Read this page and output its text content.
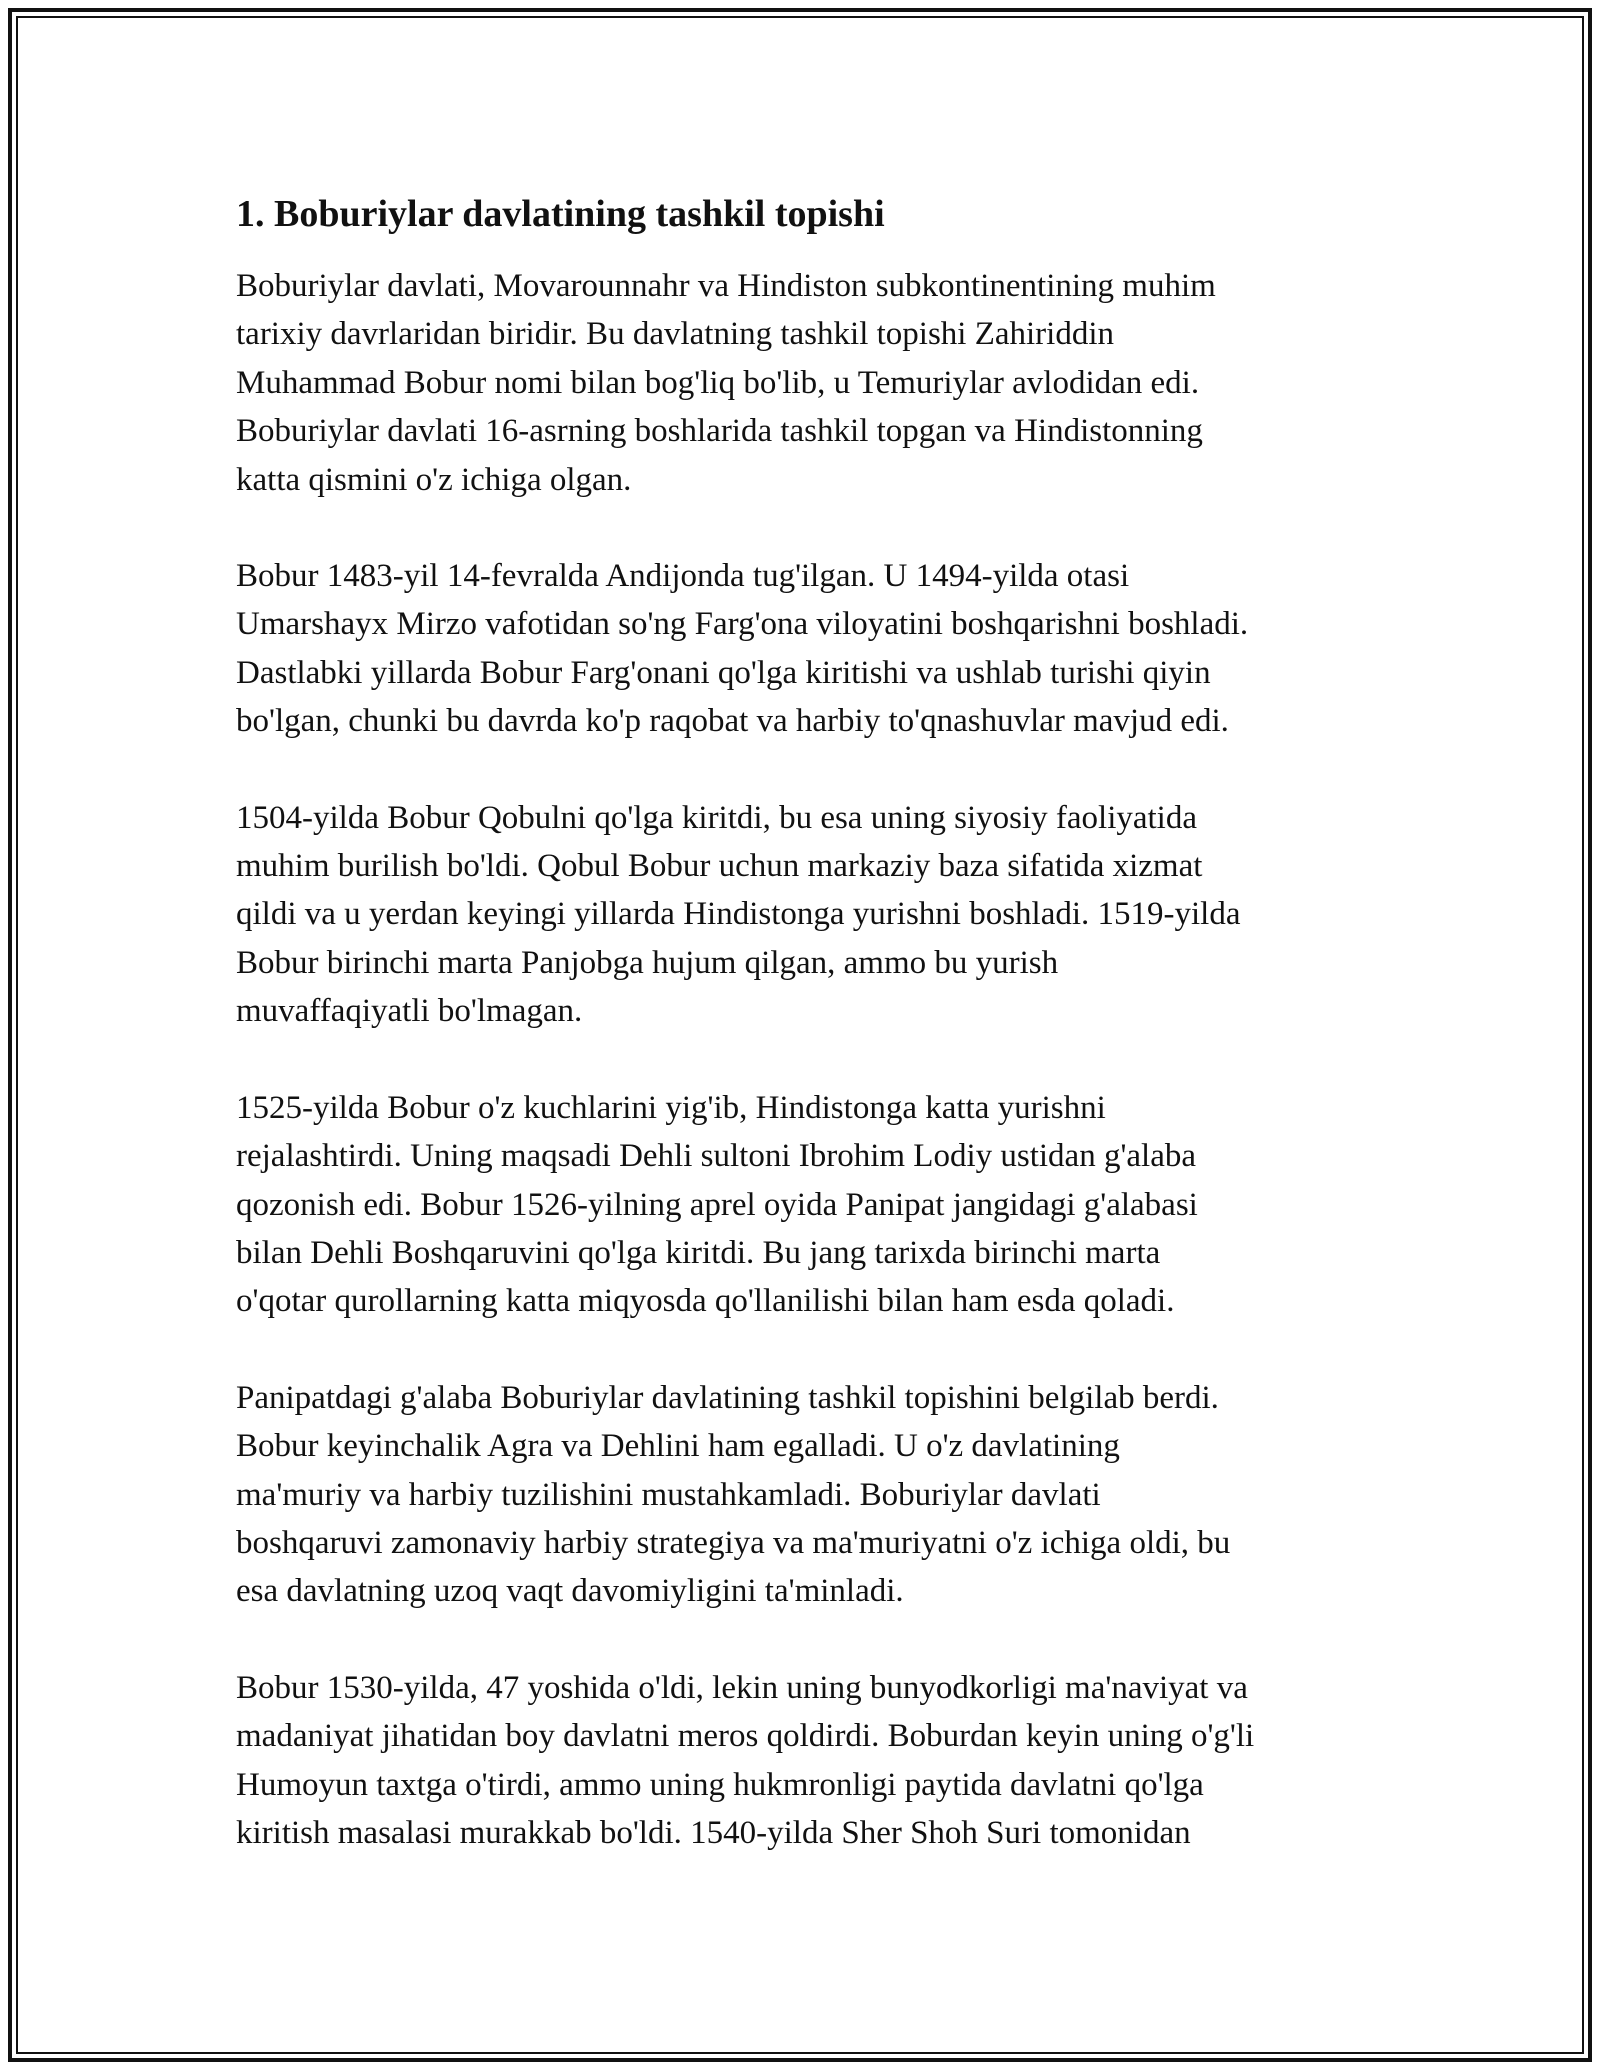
1. Boburiylar davlatining tashkil topishi
Boburiylar davlati, Movarounnahr va Hindiston subkontinentining muhim
tarixiy davrlaridan biridir. Bu davlatning tashkil topishi Zahiriddin
Muhammad Bobur nomi bilan bog'liq bo'lib, u Temuriylar avlodidan edi.
Boburiylar davlati 16-asrning boshlarida tashkil topgan va Hindistonning
katta qismini o'z ichiga olgan.
Bobur 1483-yil 14-fevralda Andijonda tug'ilgan. U 1494-yilda otasi
Umarshayx Mirzo vafotidan so'ng Farg'ona viloyatini boshqarishni boshladi.
Dastlabki yillarda Bobur Farg'onani qo'lga kiritishi va ushlab turishi qiyin
bo'lgan, chunki bu davrda ko'p raqobat va harbiy to'qnashuvlar mavjud edi.
1504-yilda Bobur Qobulni qo'lga kiritdi, bu esa uning siyosiy faoliyatida
muhim burilish bo'ldi. Qobul Bobur uchun markaziy baza sifatida xizmat
qildi va u yerdan keyingi yillarda Hindistonga yurishni boshladi. 1519-yilda
Bobur birinchi marta Panjobga hujum qilgan, ammo bu yurish
muvaffaqiyatli bo'lmagan.
1525-yilda Bobur o'z kuchlarini yig'ib, Hindistonga katta yurishni
rejalashtirdi. Uning maqsadi Dehli sultoni Ibrohim Lodiy ustidan g'alaba
qozonish edi. Bobur 1526-yilning aprel oyida Panipat jangidagi g'alabasi
bilan Dehli Boshqaruvini qo'lga kiritdi. Bu jang tarixda birinchi marta
o'qotar qurollarning katta miqyosda qo'llanilishi bilan ham esda qoladi.
Panipatdagi g'alaba Boburiylar davlatining tashkil topishini belgilab berdi.
Bobur keyinchalik Agra va Dehlini ham egalladi. U o'z davlatining
ma'muriy va harbiy tuzilishini mustahkamladi. Boburiylar davlati
boshqaruvi zamonaviy harbiy strategiya va ma'muriyatni o'z ichiga oldi, bu
esa davlatning uzoq vaqt davomiyligini ta'minladi.
Bobur 1530-yilda, 47 yoshida o'ldi, lekin uning bunyodkorligi ma'naviyat va
madaniyat jihatidan boy davlatni meros qoldirdi. Boburdan keyin uning o'g'li
Humoyun taxtga o'tirdi, ammo uning hukmronligi paytida davlatni qo'lga
kiritish masalasi murakkab bo'ldi. 1540-yilda Sher Shoh Suri tomonidan
